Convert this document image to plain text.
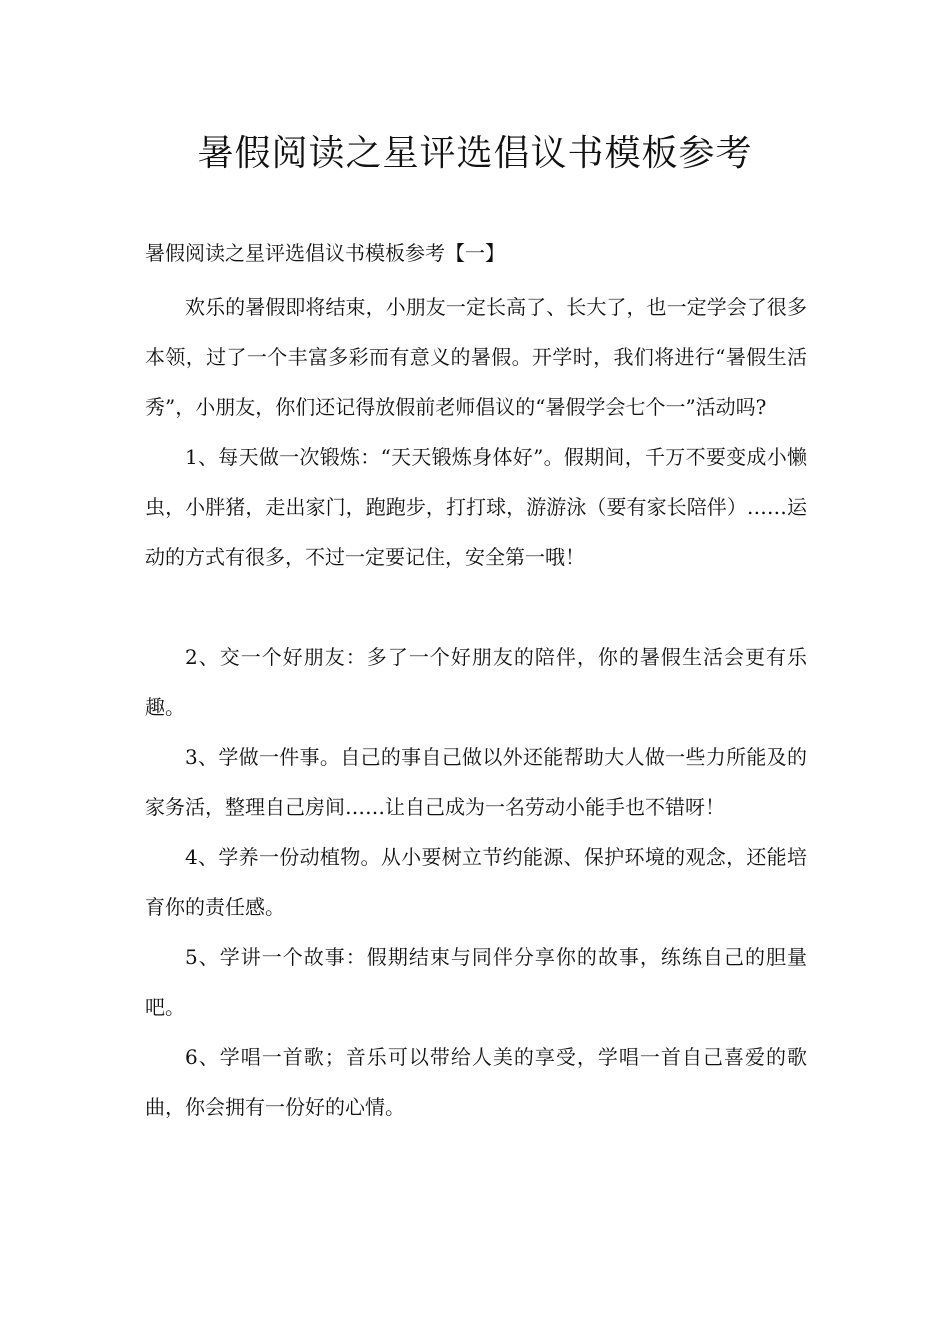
暑假阅读之星评选倡议书模板参考

暑假阅读之星评选倡议书模板参考【一】

欢乐的暑假即将结束，小朋友一定长高了、长大了，也一定学会了很多本领，过了一个丰富多彩而有意义的暑假。开学时，我们将进行“暑假生活秀”，小朋友，你们还记得放假前老师倡议的“暑假学会七个一”活动吗?

1、每天做一次锻炼：“天天锻炼身体好”。假期间，千万不要变成小懒虫，小胖猪，走出家门，跑跑步，打打球，游游泳（要有家长陪伴）……运动的方式有很多，不过一定要记住，安全第一哦！

2、交一个好朋友：多了一个好朋友的陪伴，你的暑假生活会更有乐趣。

3、学做一件事。自己的事自己做以外还能帮助大人做一些力所能及的家务活，整理自己房间……让自己成为一名劳动小能手也不错呀！

4、学养一份动植物。从小要树立节约能源、保护环境的观念，还能培育你的责任感。

5、学讲一个故事：假期结束与同伴分享你的故事，练练自己的胆量吧。

6、学唱一首歌；音乐可以带给人美的享受，学唱一首自己喜爱的歌曲，你会拥有一份好的心情。
